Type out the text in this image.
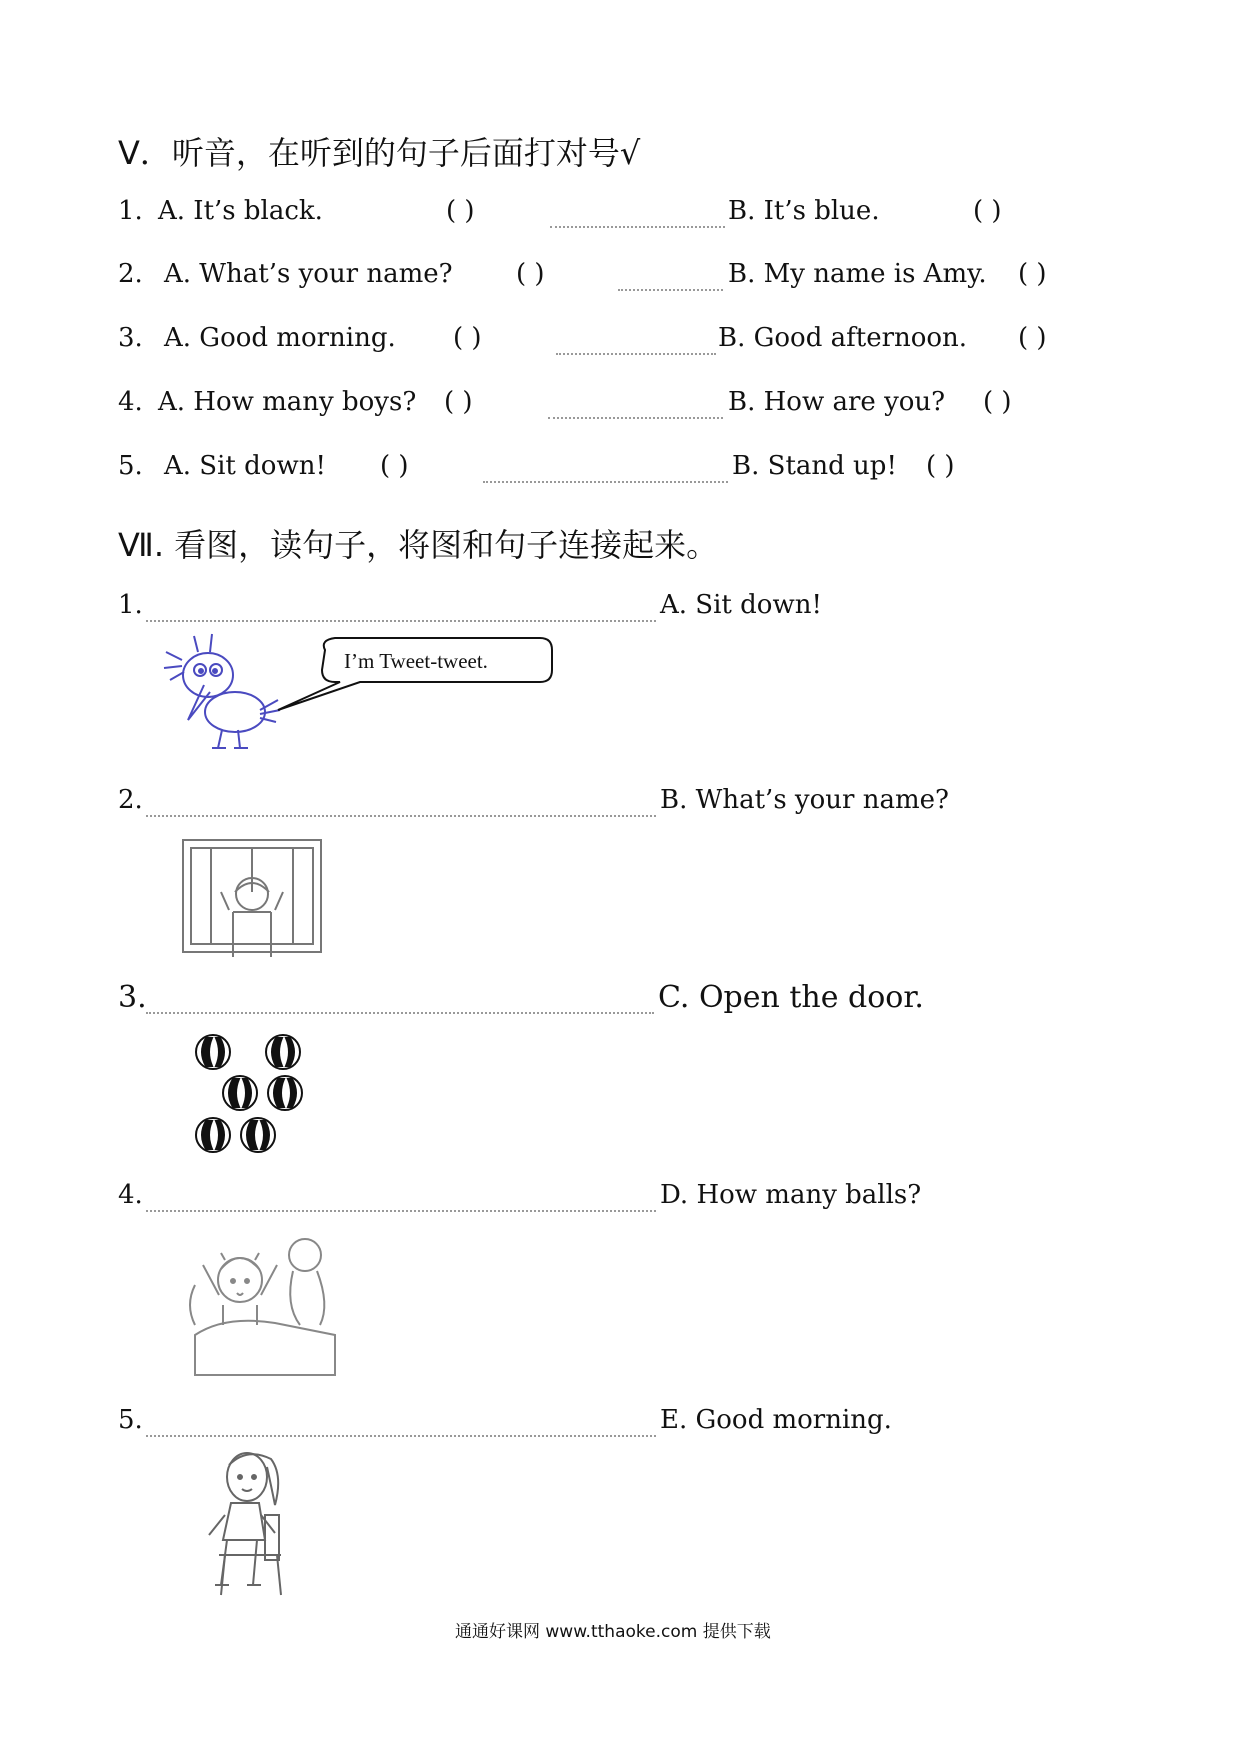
V．听音，在听到的句子后面打对号√
1. A. It’s black.	( )	B. It’s blue.	( )
2. A. What’s your name? ( )	B. My name is Amy. ( )
3. A. Good morning. ( )	B. Good afternoon. ( )
4. A. How many boys? ( )	B. How are you? ( )
5. A. Sit down! ( )	B. Stand up! ( )
Ⅶ. 看图，读句子，将图和句子连接起来。
1.	A. Sit down!
I’m Tweet-tweet.
2.	B. What’s your name?
3.	C. Open the door.
4.	D. How many balls?
5.	E. Good morning.
通通好课网 www.tthaoke.com 提供下载
